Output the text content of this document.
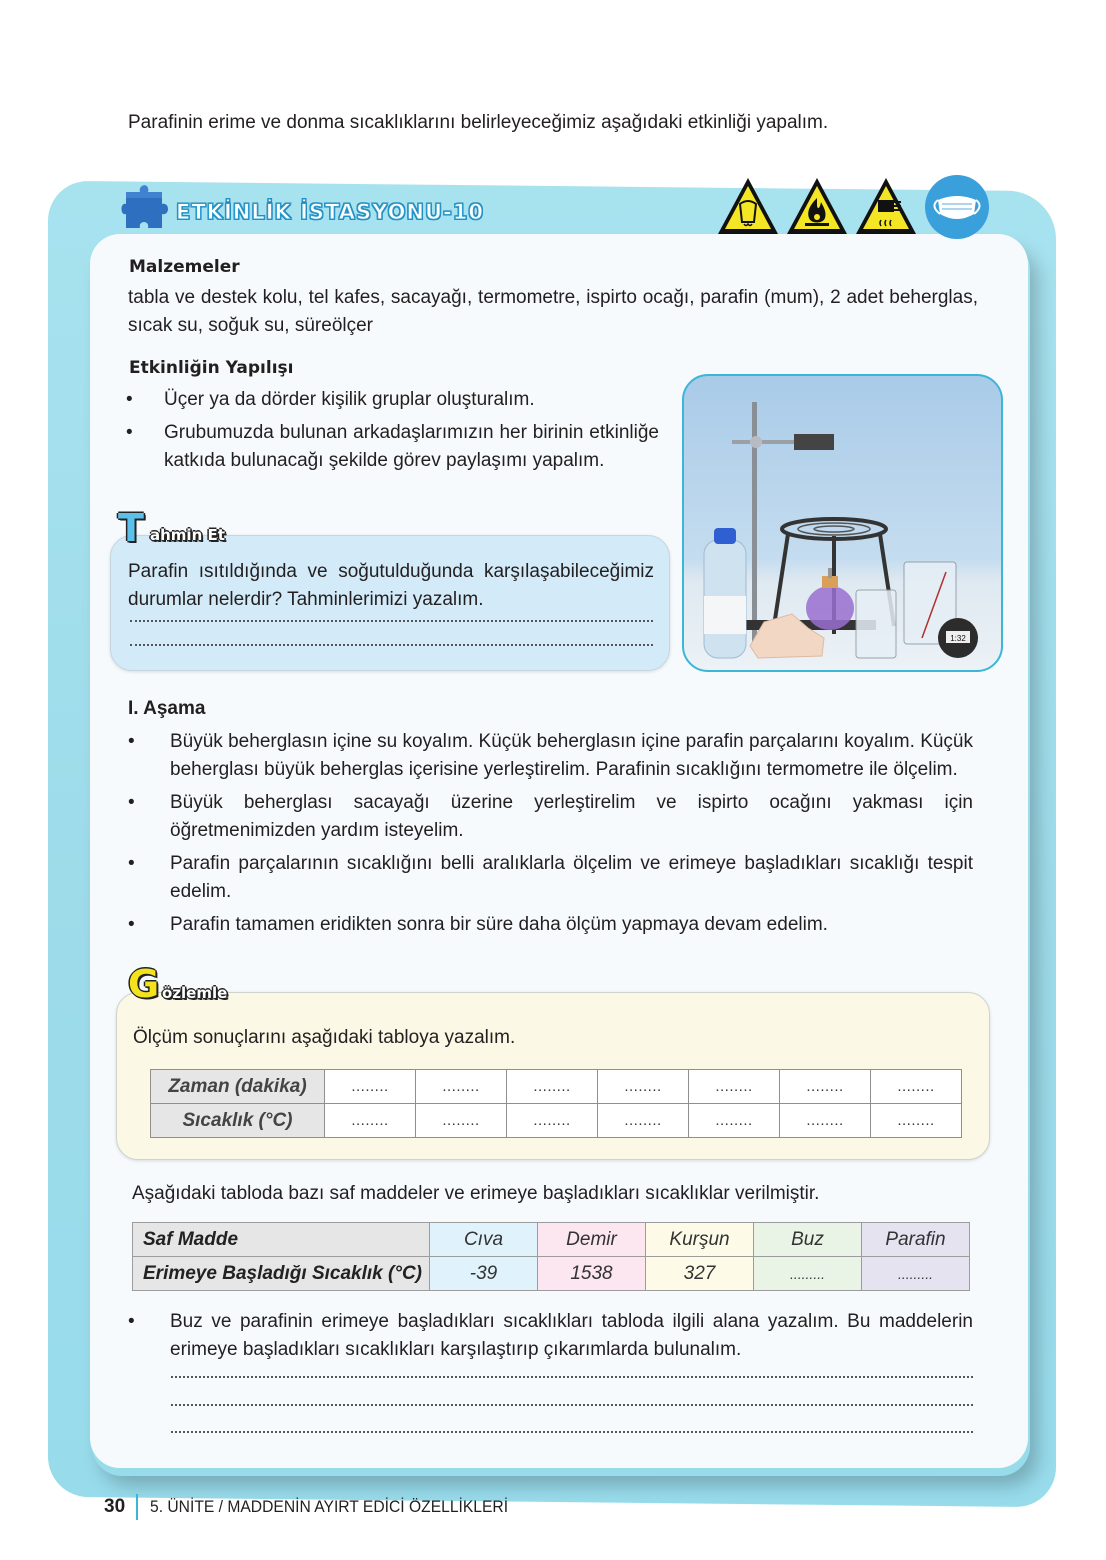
Parafinin erime ve donma sıcaklıklarını belirleyeceğimiz aşağıdaki etkinliği yapalım.
ETKİNLİK İSTASYONU-10
Malzemeler
tabla ve destek kolu, tel kafes, sacayağı, termometre, ispirto ocağı, parafin (mum), 2 adet beherglas, sıcak su, soğuk su, süreölçer
Etkinliğin Yapılışı
• Üçer ya da dörder kişilik gruplar oluşturalım.
• Grubumuzda bulunan arkadaşlarımızın her birinin etkinliğe katkıda bulunacağı şekilde görev paylaşımı yapalım.
1:32
T ahmin Et
Parafin ısıtıldığında ve soğutulduğunda karşılaşabileceğimiz durumlar nelerdir? Tahminlerimizi yazalım.
I. Aşama
• Büyük beherglasın içine su koyalım. Küçük beherglasın içine parafin parçalarını koyalım. Küçük beherglası büyük beherglas içerisine yerleştirelim. Parafinin sıcaklığını termometre ile ölçelim.
• Büyük beherglası sacayağı üzerine yerleştirelim ve ispirto ocağını yakması için öğretmenimizden yardım isteyelim.
• Parafin parçalarının sıcaklığını belli aralıklarla ölçelim ve erimeye başladıkları sıcaklığı tespit edelim.
• Parafin tamamen eridikten sonra bir süre daha ölçüm yapmaya devam edelim.
G özlemle
Ölçüm sonuçlarını aşağıdaki tabloya yazalım.
Zaman (dakika)	........	........	........	........	........	........	........
Sıcaklık (°C)	........	........	........	........	........	........	........
Aşağıdaki tabloda bazı saf maddeler ve erimeye başladıkları sıcaklıklar verilmiştir.
Saf Madde	Cıva	Demir	Kurşun	Buz	Parafin
Erimeye Başladığı Sıcaklık (°C)	-39	1538	327	.........	.........
• Buz ve parafinin erimeye başladıkları sıcaklıkları tabloda ilgili alana yazalım. Bu maddelerin erimeye başladıkları sıcaklıkları karşılaştırıp çıkarımlarda bulunalım.
30 5. ÜNİTE / MADDENİN AYIRT EDİCİ ÖZELLİKLERİ
